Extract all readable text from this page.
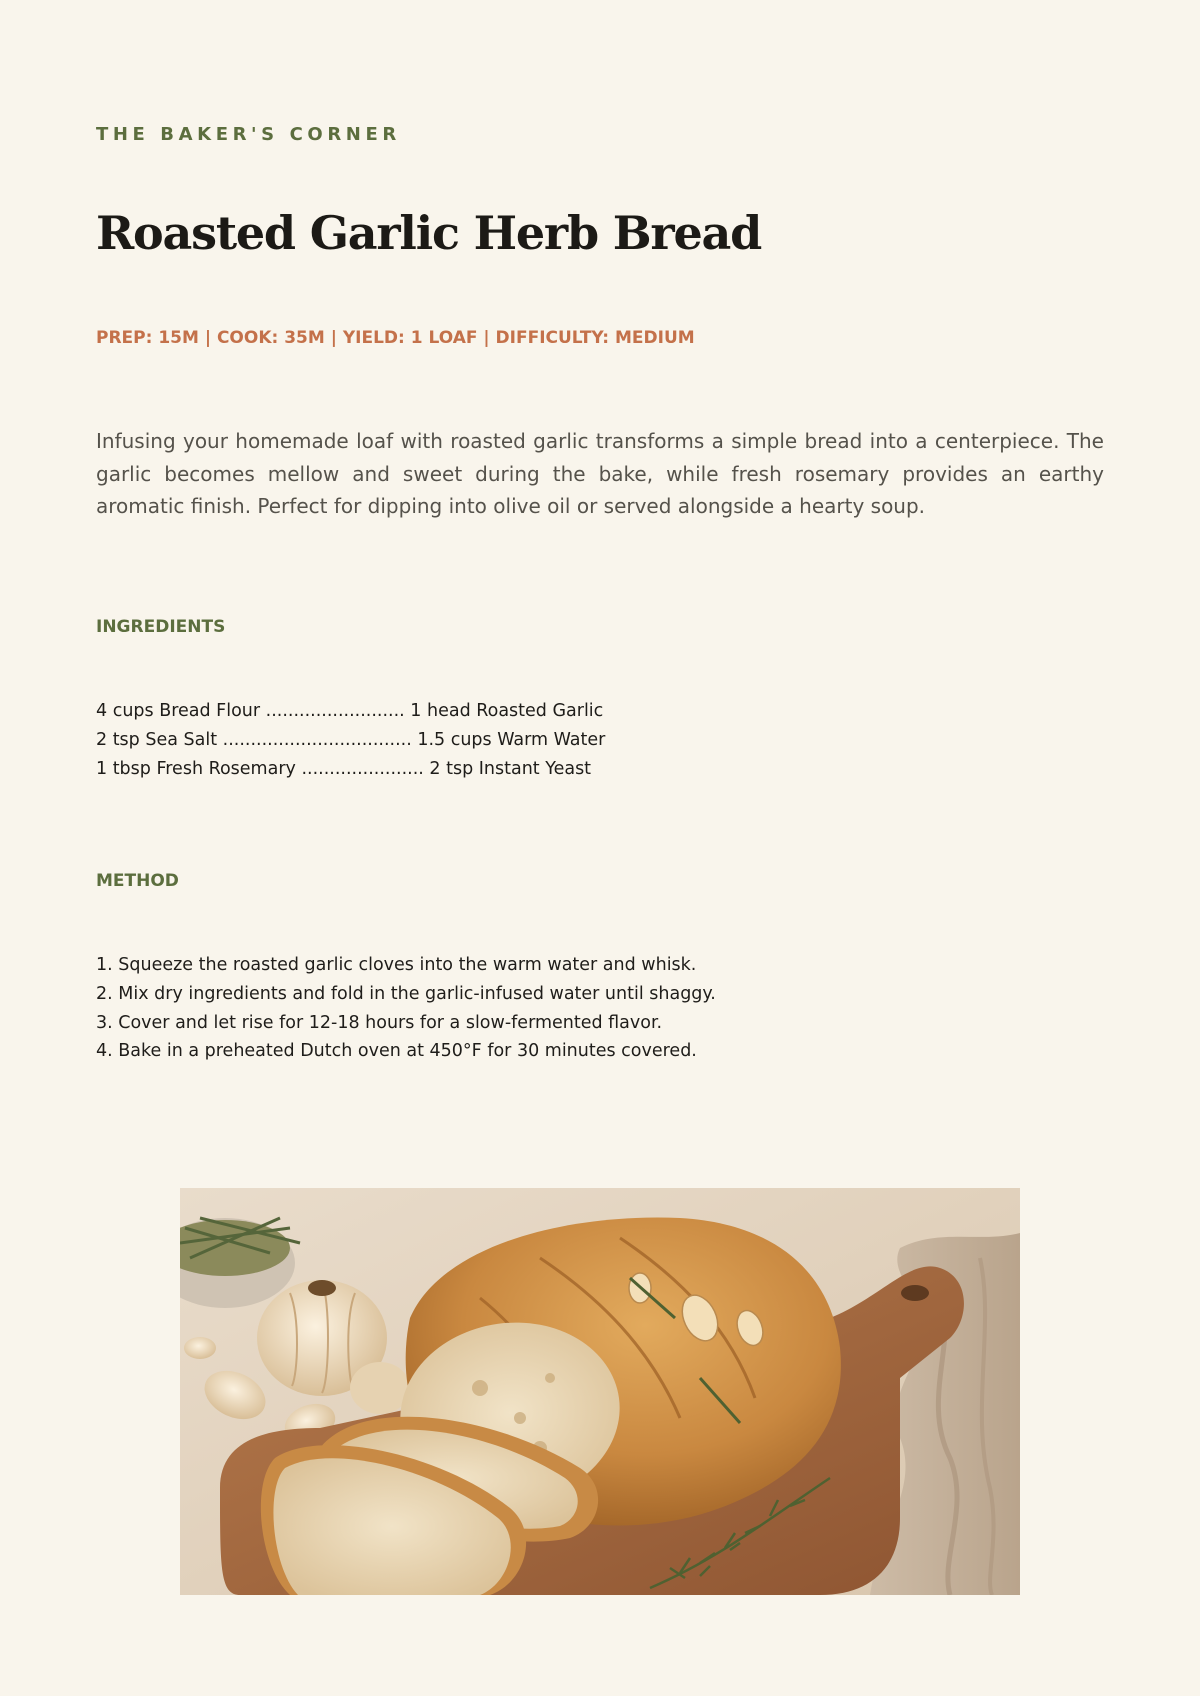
THE BAKER'S CORNER
Roasted Garlic Herb Bread
PREP: 15M | COOK: 35M | YIELD: 1 LOAF | DIFFICULTY: MEDIUM

Infusing your homemade loaf with roasted garlic transforms a simple bread into a centerpiece. The garlic becomes mellow and sweet during the bake, while fresh rosemary provides an earthy aromatic finish. Perfect for dipping into olive oil or served alongside a hearty soup.

INGREDIENTS
4 cups Bread Flour ......................... 1 head Roasted Garlic
2 tsp Sea Salt .................................. 1.5 cups Warm Water
1 tbsp Fresh Rosemary ...................... 2 tsp Instant Yeast
METHOD
1. Squeeze the roasted garlic cloves into the warm water and whisk.
2. Mix dry ingredients and fold in the garlic-infused water until shaggy.
3. Cover and let rise for 12-18 hours for a slow-fermented flavor.
4. Bake in a preheated Dutch oven at 450°F for 30 minutes covered.
